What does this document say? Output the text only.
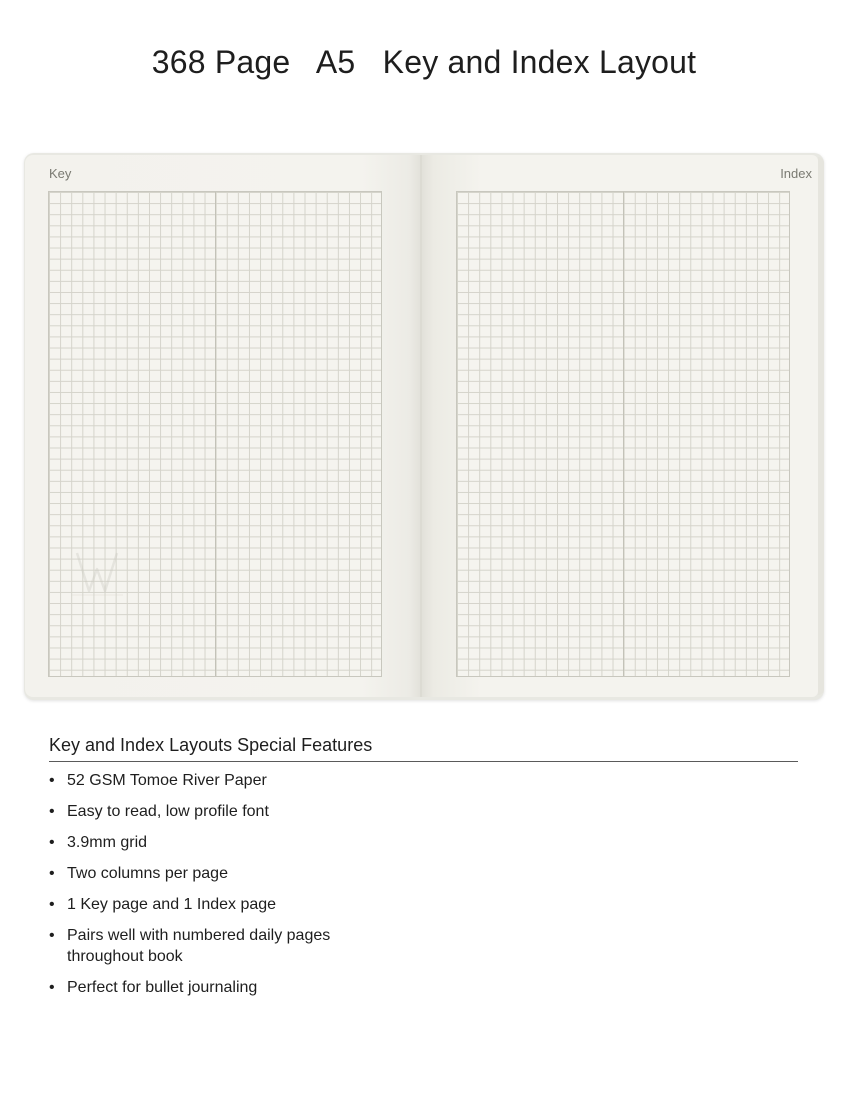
368 Page   A5   Key and Index Layout
Key	Index
Key and Index Layouts Special Features
• 52 GSM Tomoe River Paper
• Easy to read, low profile font
• 3.9mm grid
• Two columns per page
• 1 Key page and 1 Index page
• Pairs well with numbered daily pages throughout book
• Perfect for bullet journaling
